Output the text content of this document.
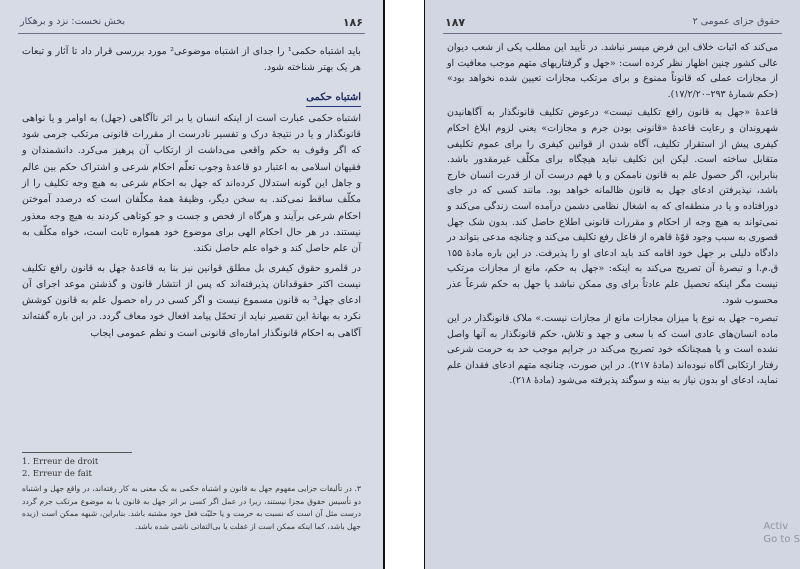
۱۸۶
بخش نخست: نزد و برهکار

باید اشتباه حکمی¹ را جدای از اشتباه موضوعی² مورد بررسی قرار داد تا آثار و تبعات هر یک بهتر شناخته شود.

اشتباه حکمی

اشتباه حکمی عبارت است از اینکه انسان یا بر اثر ناآگاهی (جهل) به اوامر و یا نواهی قانونگذار و یا در نتیجهٔ درک و تفسیر نادرست از مقررات قانونی مرتکب جرمی شود که اگر وقوف به حکم واقعی می‌داشت از ارتکاب آن پرهیز می‌کرد. دانشمندان و فقیهان اسلامی به اعتبار دو قاعدهٔ وجوب تعلّم احکام شرعی و اشتراک حکم بین عالم و جاهل این گونه استدلال کرده‌اند که جهل به احکام شرعی به هیچ وجه تکلیف را از مکلّف ساقط نمی‌کند. به سخن دیگر، وظیفهٔ همهٔ مکلّفان است که درصدد آموختن احکام شرعی برآیند و هرگاه از فحص و جست و جو کوتاهی کردند به هیچ وجه معذور نیستند. در هر حال احکام الهی برای موضوع خود همواره ثابت است، خواه مکلّف به آن علم حاصل کند و خواه علم حاصل نکند.

در قلمرو حقوق کیفری بل مطلق قوانین نیز بنا به قاعدهٔ جهل به قانون رافع تکلیف نیست اکثر حقوقدانان پذیرفته‌اند که پس از انتشار قانون و گذشتن موعد اجرای آن ادعای جهل³ به قانون مسموع نیست و اگر کسی در راه حصول علم به قانون کوشش نکرد به بهانهٔ این تقصیر نباید از تحمّل پیامد افعال خود معاف گردد. در این باره گفته‌اند آگاهی به احکام قانونگذار اماره‌ای قانونی است و نظم عمومی ایجاب

1. Erreur de droit
2. Erreur de fait
۳. در تألیفات جزایی مفهوم جهل به قانون و اشتباه حکمی به یک معنی به کار رفته‌اند، در واقع جهل و اشتباه دو تأسیس حقوق مجزا نیستند، زیرا در عمل اگر کسی بر اثر جهل به قانون یا به موضوع مرتکب جرم گردد درست مثل آن است که نسبت به حرمت و یا حلیّت فعل خود مشتبه باشد. بنابراین، شبهه ممکن است (زیده جهل باشد، کما اینکه ممکن است از غفلت یا بی‌التفاتی ناشی شده باشد.
۱۸۷	حقوق جزای عمومی ۲

می‌کند که اثبات خلاف این فرض میسر نباشد. در تأیید این مطلب یکی از شعب دیوان عالی کشور چنین اظهار نظر کرده است: «جهل و گرفتاریهای متهم موجب معافیت او از مجازات عملی که قانوناً ممنوع و برای مرتکب مجازات تعیین شده نخواهد بود» (حکم شمارهٔ ۲۹۳–۱۷/۲/۲۰).

قاعدهٔ «جهل به قانون رافع تکلیف نیست» درعوض تکلیف قانونگذار به آگاهانیدن شهروندان و رعایت قاعدهٔ «قانونی بودن جرم و مجازات» یعنی لزوم ابلاغ احکام کیفری پیش از استقرار تکلیف، آگاه شدن از قوانین کیفری را برای عموم تکلیفی متقابل ساخته است. لیکن این تکلیف نباید هیچگاه برای مکلّف غیرمقدور باشد. بنابراین، اگر حصول علم به قانون ناممکن و یا فهم درست آن از قدرت انسان خارج باشد، نپذیرفتن ادعای جهل به قانون ظالمانه خواهد بود. مانند کسی که در جای دورافتاده و یا در منطقه‌ای که به اشغال نظامی دشمن درآمده است زندگی می‌کند و نمی‌تواند به هیچ وجه از احکام و مقررات قانونی اطلاع حاصل کند. بدون شک جهل قصوری به سبب وجود قوّهٔ قاهره از فاعل رفع تکلیف می‌کند و چنانچه مدعی بتواند در دادگاه دلیلی بر جهل خود اقامه کند باید ادعای او را پذیرفت. در این باره مادهٔ ۱۵۵ ق.م.ا و تبصرهٔ آن تصریح می‌کند به اینکه: «جهل به حکم، مانع از مجازات مرتکب نیست مگر اینکه تحصیل علم عادتاً برای وی ممکن نباشد یا جهل به حکم شرعاً عذر محسوب شود.

تبصره– جهل به نوع یا میزان مجازات مانع از مجازات نیست.» ملاک قانونگذار در این ماده انسان‌های عادی است که با سعی و جهد و تلاش، حکم قانونگذار به آنها واصل نشده است و یا همچنانکه خود تصریح می‌کند در جرایم موجب حد به حرمت شرعی رفتار ارتکابی آگاه نبوده‌اند (مادهٔ ۲۱۷). در این صورت، چنانچه متهم ادعای فقدان علم نماید، ادعای او بدون نیاز به بینه و سوگند پذیرفته می‌شود (مادهٔ ۲۱۸).

Activ
Go to S
